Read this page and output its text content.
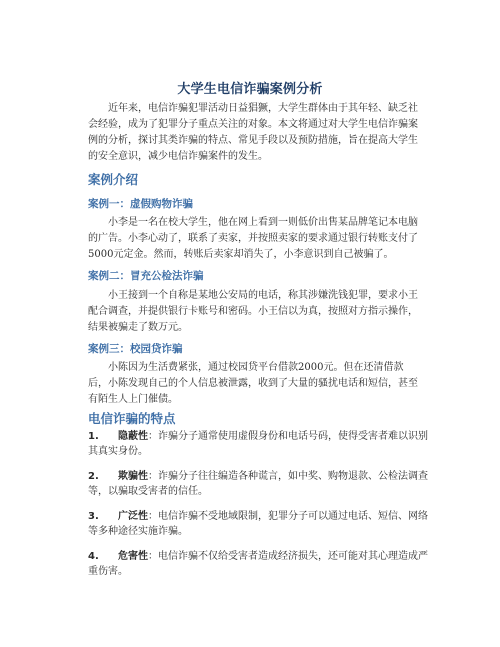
大学生电信诈骗案例分析

近年来，电信诈骗犯罪活动日益猖獗，大学生群体由于其年轻、缺乏社会经验，成为了犯罪分子重点关注的对象。本文将通过对大学生电信诈骗案例的分析，探讨其类诈骗的特点、常见手段以及预防措施，旨在提高大学生的安全意识，减少电信诈骗案件的发生。

案例介绍
案例一：虚假购物诈骗

小李是一名在校大学生，他在网上看到一则低价出售某品牌笔记本电脑的广告。小李心动了，联系了卖家，并按照卖家的要求通过银行转账支付了5000元定金。然而，转账后卖家却消失了，小李意识到自己被骗了。

案例二：冒充公检法诈骗

小王接到一个自称是某地公安局的电话，称其涉嫌洗钱犯罪，要求小王配合调查，并提供银行卡账号和密码。小王信以为真，按照对方指示操作，结果被骗走了数万元。

案例三：校园贷诈骗

小陈因为生活费紧张，通过校园贷平台借款2000元。但在还清借款后，小陈发现自己的个人信息被泄露，收到了大量的骚扰电话和短信，甚至有陌生人上门催债。

电信诈骗的特点
1. 隐蔽性：诈骗分子通常使用虚假身份和电话号码，使得受害者难以识别其真实身份。
2. 欺骗性：诈骗分子往往编造各种谎言，如中奖、购物退款、公检法调查等，以骗取受害者的信任。
3. 广泛性：电信诈骗不受地域限制，犯罪分子可以通过电话、短信、网络等多种途径实施诈骗。
4. 危害性：电信诈骗不仅给受害者造成经济损失，还可能对其心理造成严重伤害。
